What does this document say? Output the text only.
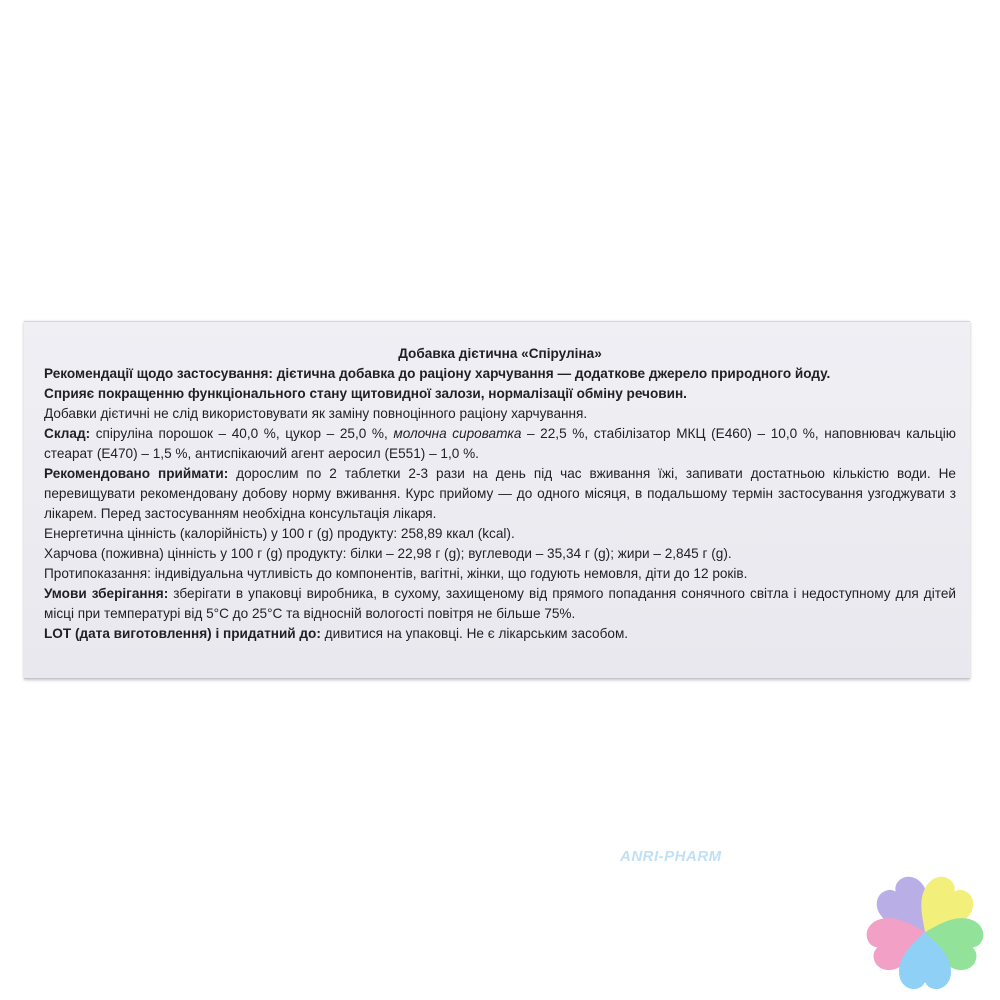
Добавка дієтична «Спіруліна»

Рекомендації щодо застосування: дієтична добавка до раціону харчування — додаткове джерело природного йоду.

Сприяє покращенню функціонального стану щитовидної залози, нормалізації обміну речовин.

Добавки дієтичні не слід використовувати як заміну повноцінного раціону харчування.

Склад: спіруліна порошок – 40,0 %, цукор – 25,0 %, молочна сироватка – 22,5 %, стабілізатор МКЦ (Е460) – 10,0 %, наповнювач кальцію стеарат (Е470) – 1,5 %, антиспікаючий агент аеросил (Е551) – 1,0 %.

Рекомендовано приймати: дорослим по 2 таблетки 2-3 рази на день під час вживання їжі, запивати достатньою кількістю води. Не перевищувати рекомендовану добову норму вживання. Курс прийому — до одного місяця, в подальшому термін застосування узгоджувати з лікарем. Перед застосуванням необхідна консультація лікаря.

Енергетична цінність (калорійність) у 100 г (g) продукту: 258,89 ккал (kcal).

Харчова (поживна) цінність у 100 г (g) продукту: білки – 22,98 г (g); вуглеводи – 35,34 г (g); жири – 2,845 г (g).

Протипоказання: індивідуальна чутливість до компонентів, вагітні, жінки, що годують немовля, діти до 12 років.

Умови зберігання: зберігати в упаковці виробника, в сухому, захищеному від прямого попадання сонячного світла і недоступному для дітей місці при температурі від 5°С до 25°С та відносній вологості повітря не більше 75%.

LOT (дата виготовлення) і придатний до: дивитися на упаковці. Не є лікарським засобом.

ANRI-PHARM
